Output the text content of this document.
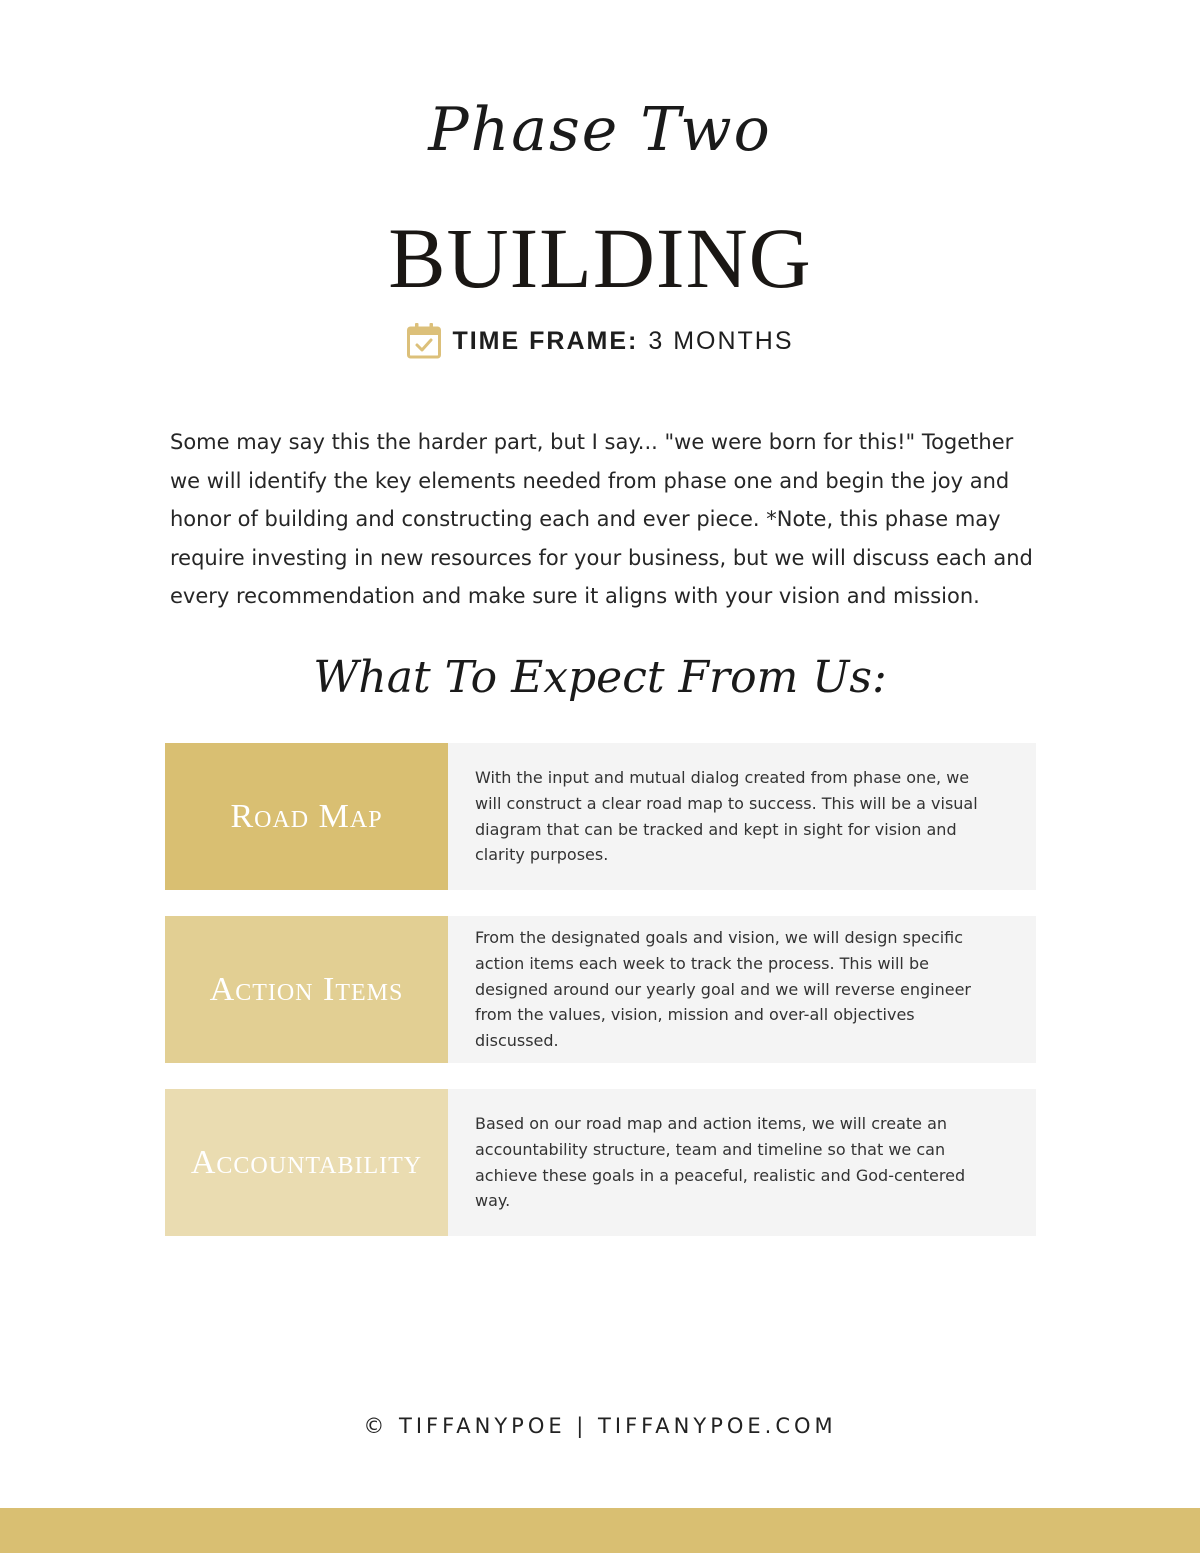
Phase Two
BUILDING
TIME FRAME: 3 MONTHS
Some may say this the harder part, but I say... "we were born for this!" Together we will identify the key elements needed from phase one and begin the joy and honor of building and constructing each and ever piece. *Note, this phase may require investing in new resources for your business, but we will discuss each and every recommendation and make sure it aligns with your vision and mission.
What To Expect From Us:
Road Map
With the input and mutual dialog created from phase one, we will construct a clear road map to success. This will be a visual diagram that can be tracked and kept in sight for vision and clarity purposes.
Action Items
From the designated goals and vision, we will design specific action items each week to track the process. This will be designed around our yearly goal and we will reverse engineer from the values, vision, mission and over-all objectives discussed.
Accountability
Based on our road map and action items, we will create an accountability structure, team and timeline so that we can achieve these goals in a peaceful, realistic and God-centered way.
© TIFFANYPOE | TIFFANYPOE.COM
